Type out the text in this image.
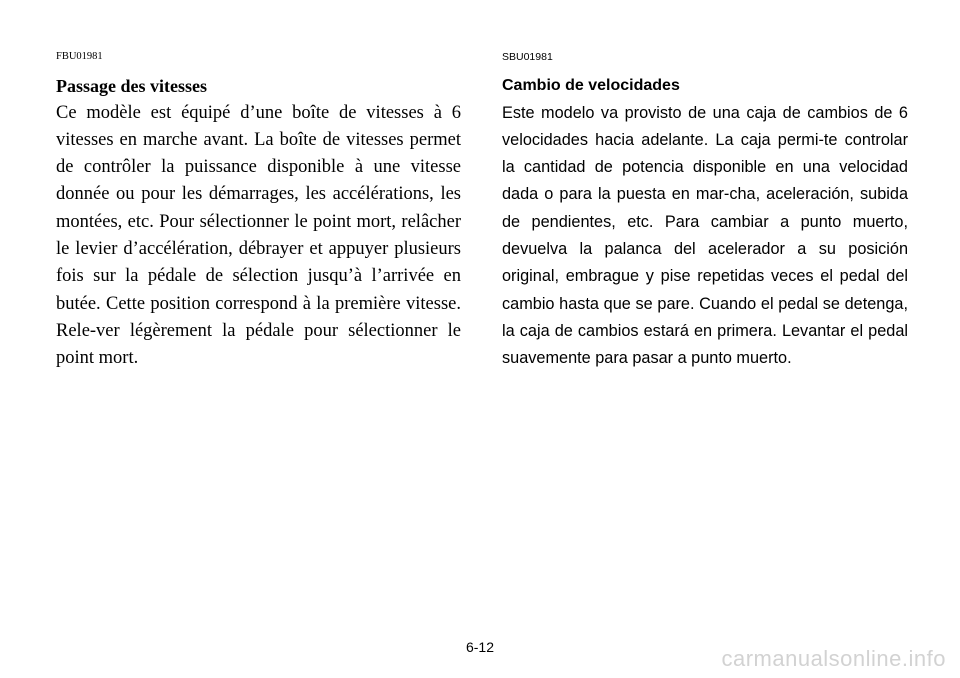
FBU01981
Passage des vitesses

Ce modèle est équipé d’une boîte de vitesses à 6 vitesses en marche avant. La boîte de vitesses permet de contrôler la puissance disponible à une vitesse donnée ou pour les démarrages, les accélérations, les montées, etc. Pour sélectionner le point mort, relâcher le levier d’accélération, débrayer et appuyer plusieurs fois sur la pédale de sélection jusqu’à l’arrivée en butée. Cette position correspond à la première vitesse. Rele-ver légèrement la pédale pour sélectionner le point mort.

SBU01981
Cambio de velocidades

Este modelo va provisto de una caja de cambios de 6 velocidades hacia adelante. La caja permi-te controlar la cantidad de potencia disponible en una velocidad dada o para la puesta en mar-cha, aceleración, subida de pendientes, etc. Para cambiar a punto muerto, devuelva la palanca del acelerador a su posición original, embrague y pise repetidas veces el pedal del cambio hasta que se pare. Cuando el pedal se detenga, la caja de cambios estará en primera. Levantar el pedal suavemente para pasar a punto muerto.

6-12	carmanualsonline.info
